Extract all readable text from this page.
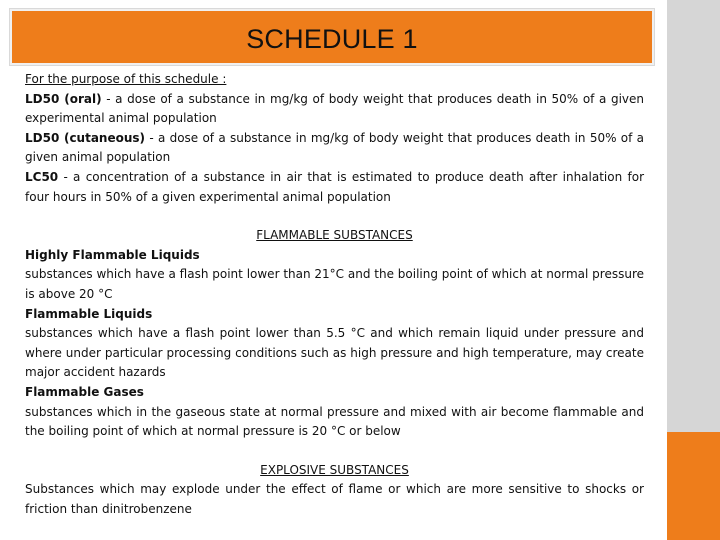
SCHEDULE 1

For the purpose of this schedule :

LD50 (oral) - a dose of a substance in mg/kg of body weight that produces death in 50% of a given experimental animal population

LD50 (cutaneous) - a dose of a substance in mg/kg of body weight that produces death in 50% of a given animal population

LC50 - a concentration of a substance in air that is estimated to produce death after inhalation for four hours in 50% of a given experimental animal population

FLAMMABLE SUBSTANCES

Highly Flammable Liquids

substances which have a flash point lower than 21°C and the boiling point of which at normal pressure is above 20 °C

Flammable Liquids

substances which have a flash point lower than 5.5 °C and which remain liquid under pressure and where under particular processing conditions such as high pressure and high temperature, may create major accident hazards

Flammable Gases

substances which in the gaseous state at normal pressure and mixed with air become flammable and the boiling point of which at normal pressure is 20 °C or below

EXPLOSIVE SUBSTANCES

Substances which may explode under the effect of flame or which are more sensitive to shocks or friction than dinitrobenzene
